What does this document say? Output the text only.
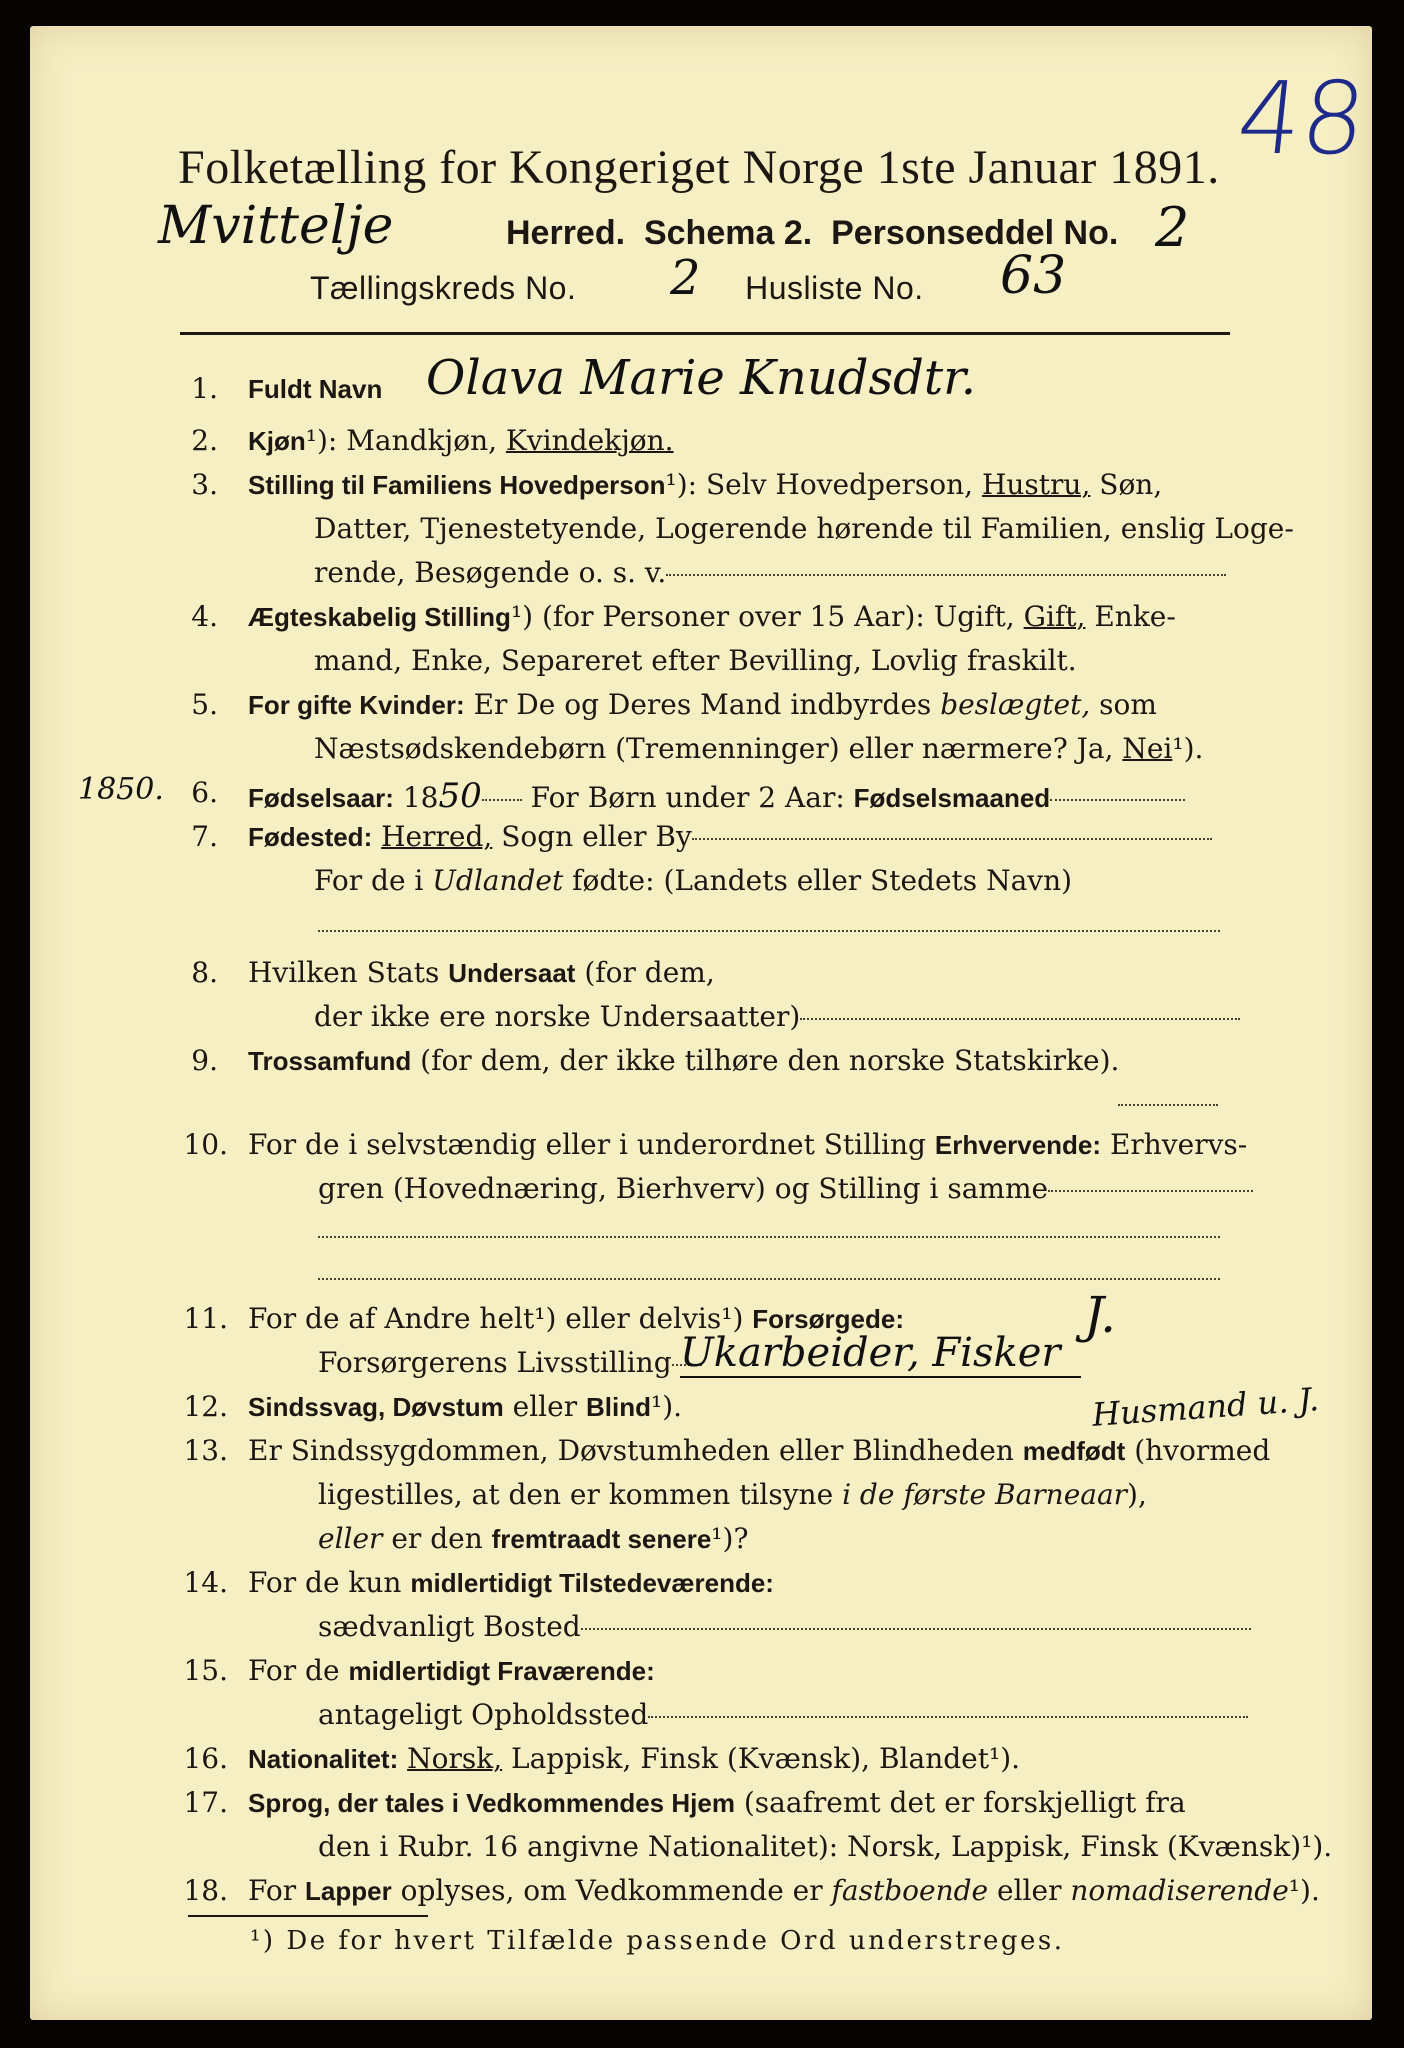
Folketælling for Kongeriget Norge 1ste Januar 1891.
Mvittelje	Herred. Schema 2. Personseddel No. 2
Tællingskreds No.	Husliste No.
2	63
48
1. Fuldt Navn Olava Marie Knudsdtr.
2. Kjøn¹): Mandkjøn, Kvindekjøn.
3. Stilling til Familiens Hovedperson¹): Selv Hovedperson, Hustru, Søn,
Datter, Tjenestetyende, Logerende hørende til Familien, enslig Loge-
rende, Besøgende o. s. v.
4. Ægteskabelig Stilling¹) (for Personer over 15 Aar): Ugift, Gift, Enke-
mand, Enke, Separeret efter Bevilling, Lovlig fraskilt.
5. For gifte Kvinder: Er De og Deres Mand indbyrdes beslægtet, som
Næstsødskendebørn (Tremenninger) eller nærmere? Ja, Nei¹).
1850. 6. Fødselsaar: 1850 For Børn under 2 Aar: Fødselsmaaned
7. Fødested: Herred, Sogn eller By
For de i Udlandet fødte: (Landets eller Stedets Navn)
8. Hvilken Stats Undersaat (for dem,
der ikke ere norske Undersaatter)
9. Trossamfund (for dem, der ikke tilhøre den norske Statskirke).
10. For de i selvstændig eller i underordnet Stilling Erhvervende: Erhvervs-
gren (Hovednæring, Bierhverv) og Stilling i samme
11. For de af Andre helt¹) eller delvis¹) Forsørgede:	J.
Forsørgerens Livsstilling Ukarbeider, Fisker
12. Sindssvag, Døvstum eller Blind¹).	Husmand u. J.
13. Er Sindssygdommen, Døvstumheden eller Blindheden medfødt (hvormed
ligestilles, at den er kommen tilsyne i de første Barneaar),
eller er den fremtraadt senere¹)?
14. For de kun midlertidigt Tilstedeværende:
sædvanligt Bosted
15. For de midlertidigt Fraværende:
antageligt Opholdssted
16. Nationalitet: Norsk, Lappisk, Finsk (Kvænsk), Blandet¹).
17. Sprog, der tales i Vedkommendes Hjem (saafremt det er forskjelligt fra
den i Rubr. 16 angivne Nationalitet): Norsk, Lappisk, Finsk (Kvænsk)¹).
18. For Lapper oplyses, om Vedkommende er fastboende eller nomadiserende¹).
¹) De for hvert Tilfælde passende Ord understreges.
